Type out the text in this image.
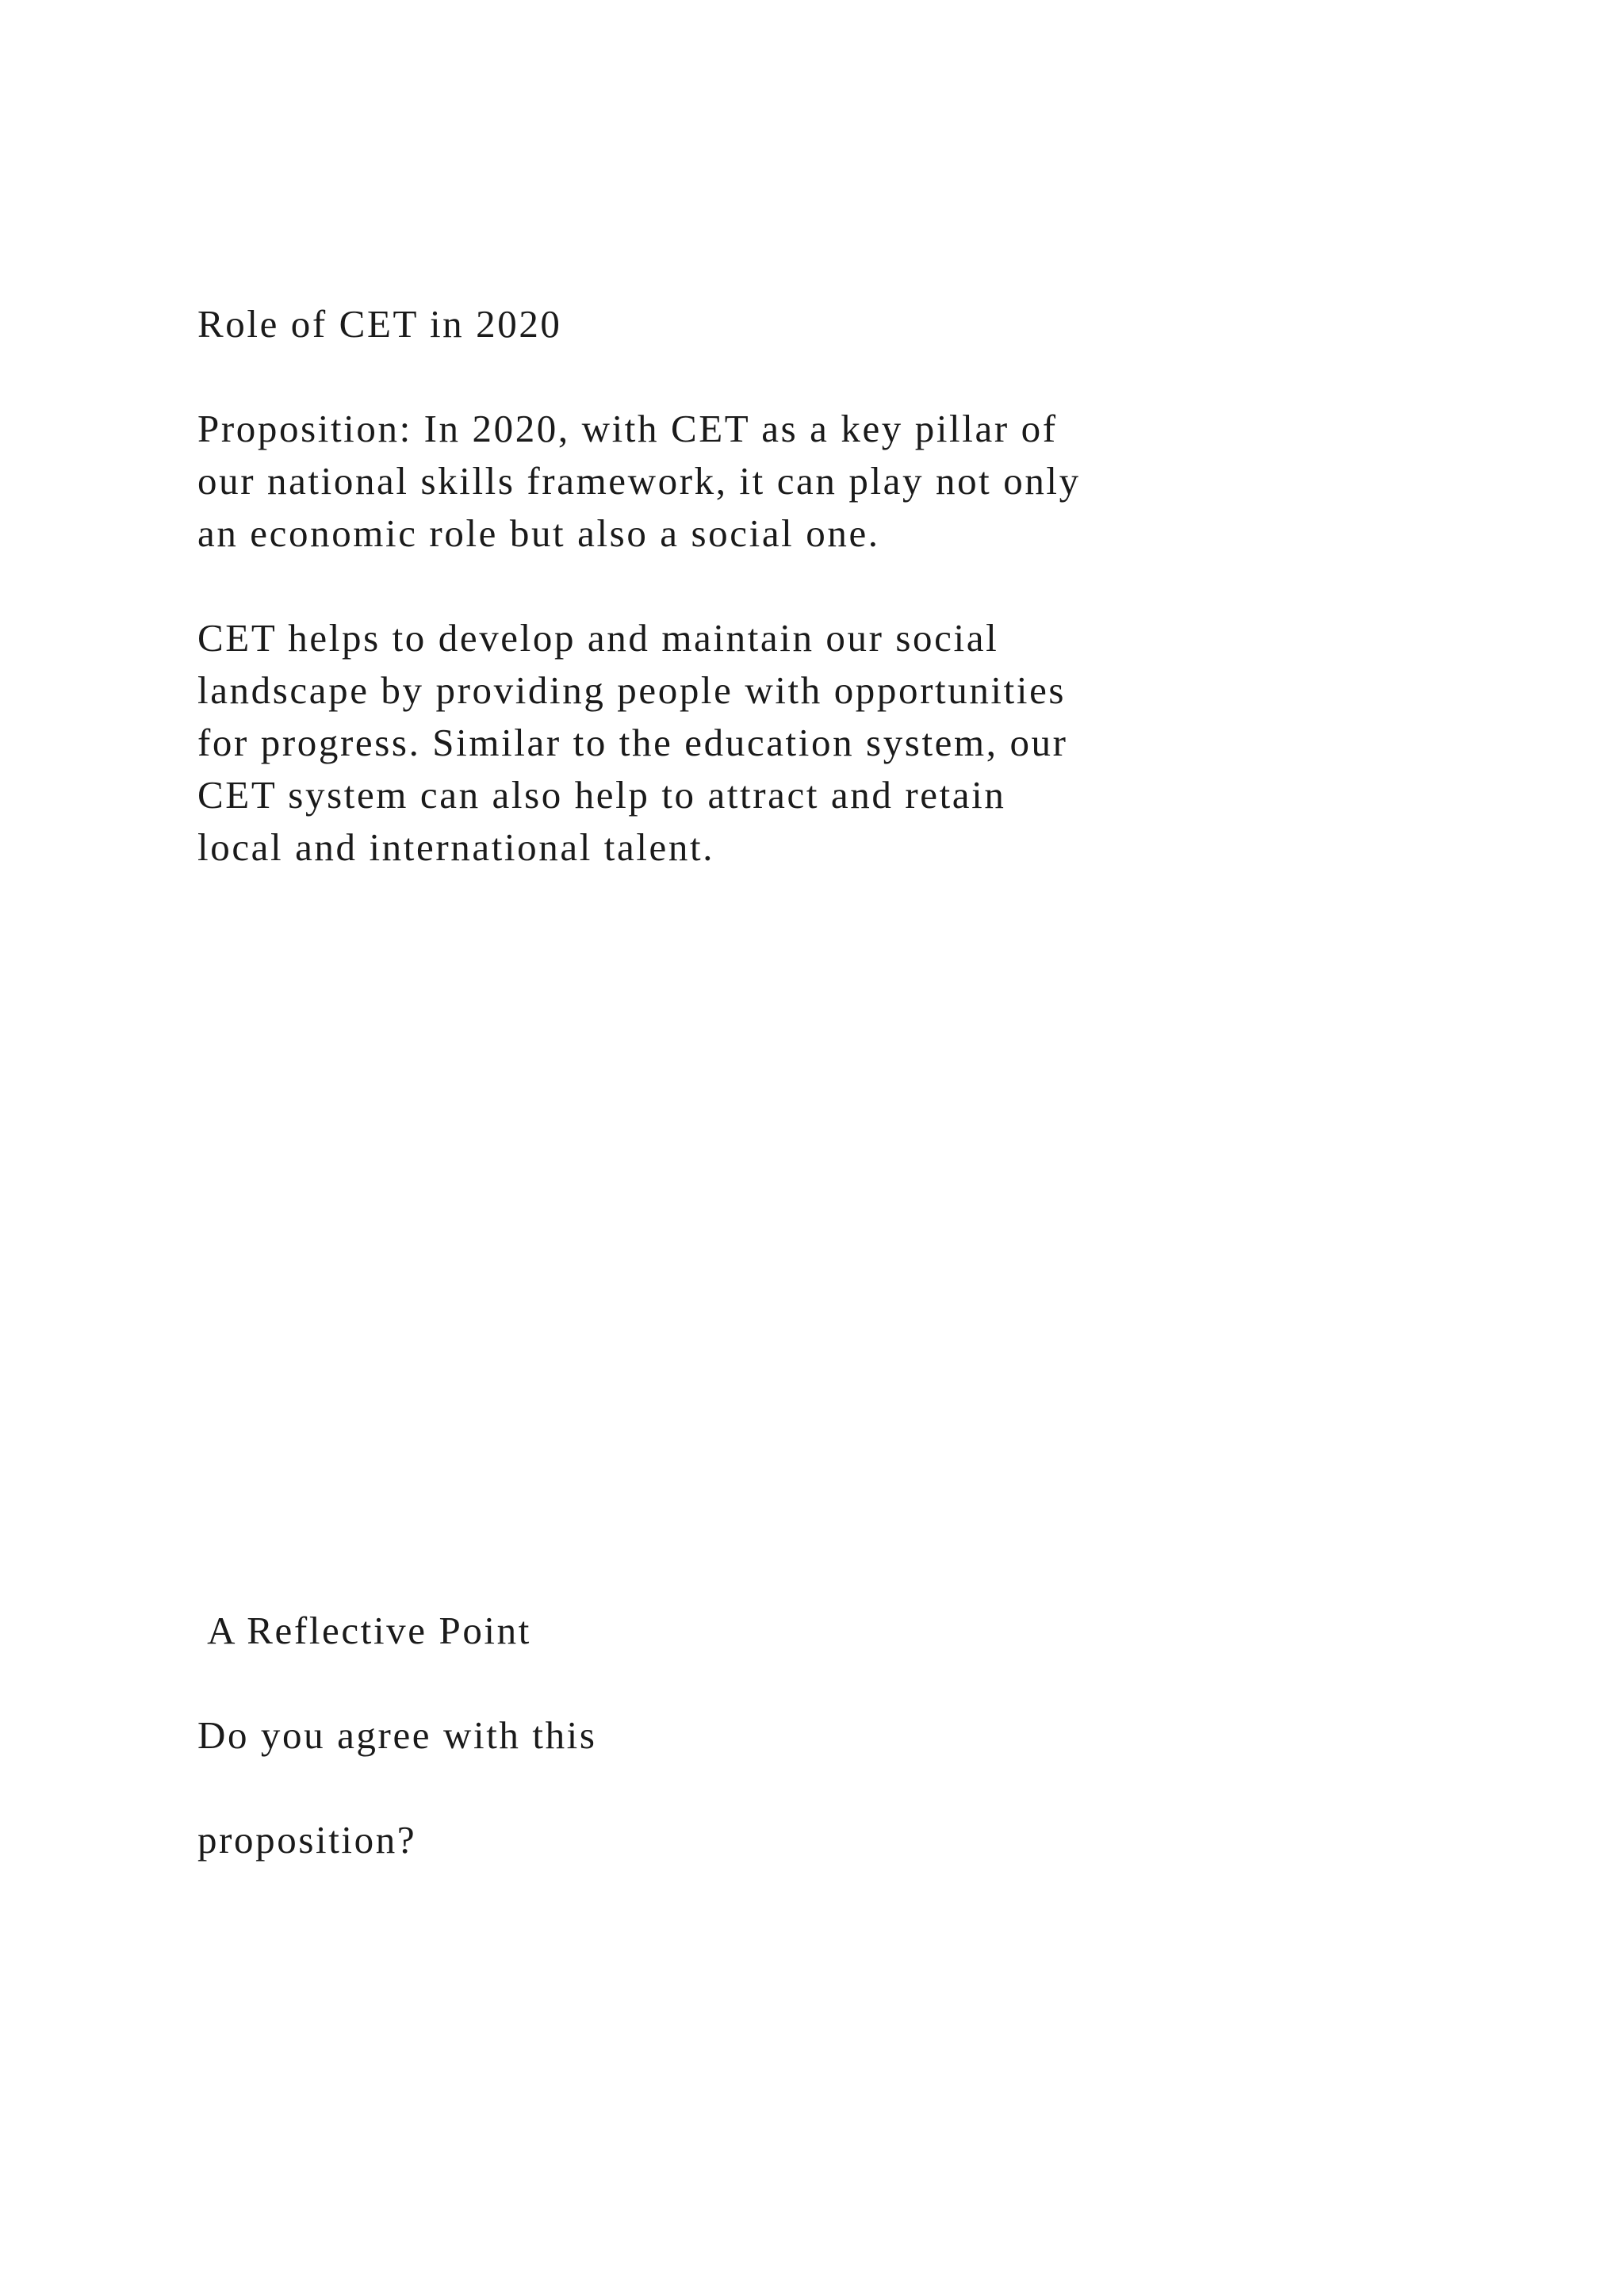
Role of CET in 2020

Proposition: In 2020, with CET as a key pillar of

our national skills framework, it can play not only

an economic role but also a social one.

CET helps to develop and maintain our social

landscape by providing people with opportunities

for progress. Similar to the education system, our

CET system can also help to attract and retain

local and international talent.

A Reflective Point

Do you agree with this

proposition?
